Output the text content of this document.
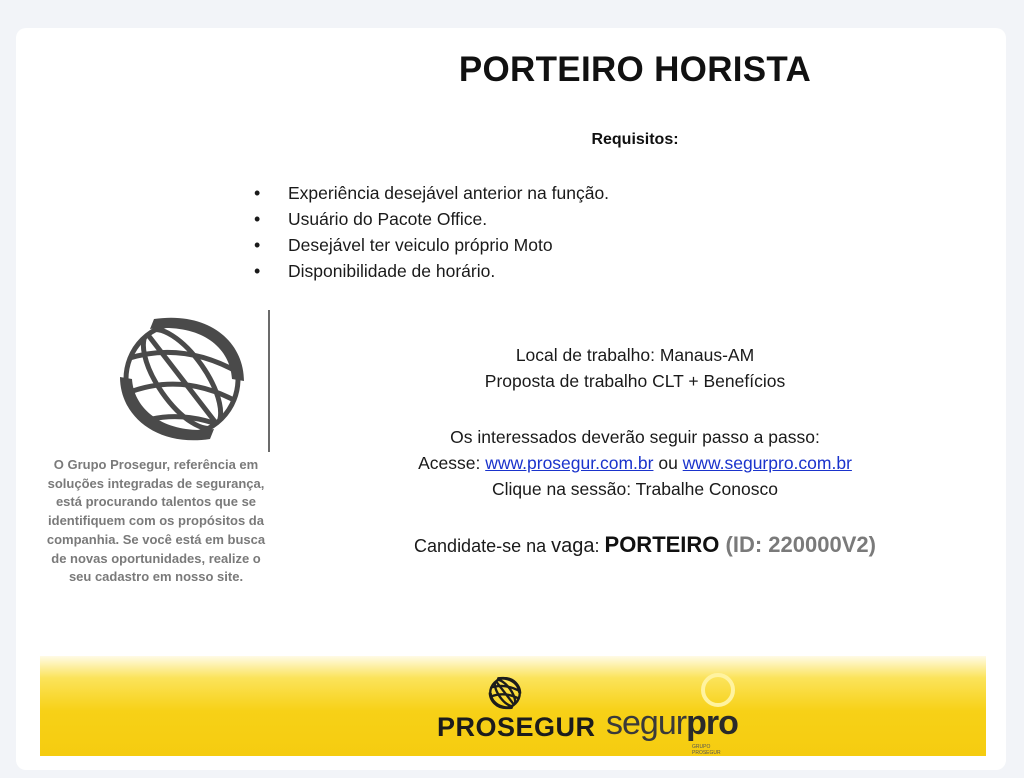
PORTEIRO HORISTA
Requisitos:
• Experiência desejável anterior na função.
• Usuário do Pacote Office.
• Desejável ter veiculo próprio Moto
• Disponibilidade de horário.
O Grupo Prosegur, referência em soluções integradas de segurança, está procurando talentos que se identifiquem com os propósitos da companhia. Se você está em busca de novas oportunidades, realize o seu cadastro em nosso site.
Local de trabalho: Manaus-AM
Proposta de trabalho CLT + Benefícios
Os interessados deverão seguir passo a passo:
Acesse: www.prosegur.com.br ou www.segurpro.com.br
Clique na sessão: Trabalhe Conosco
Candidate-se na vaga: PORTEIRO (ID: 220000V2)
PROSEGUR segurpro
GRUPO
PROSEGUR
